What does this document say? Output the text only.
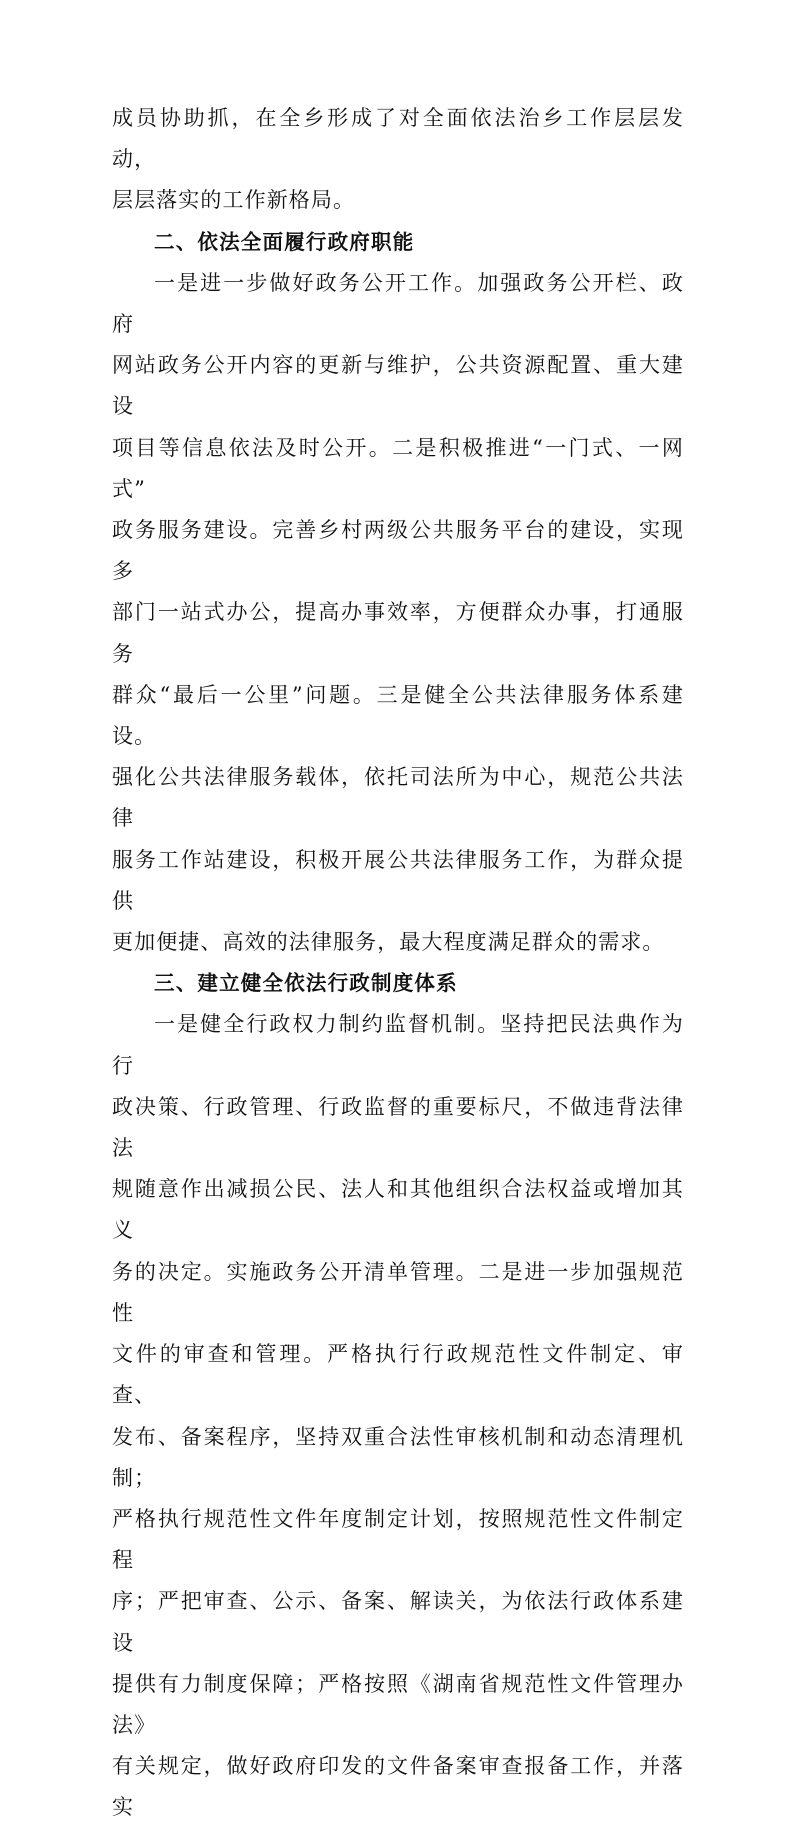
成员协助抓，在全乡形成了对全面依法治乡工作层层发动，
层层落实的工作新格局。

二、依法全面履行政府职能

一是进一步做好政务公开工作。加强政务公开栏、政府
网站政务公开内容的更新与维护，公共资源配置、重大建设
项目等信息依法及时公开。二是积极推进“一门式、一网式”
政务服务建设。完善乡村两级公共服务平台的建设，实现多
部门一站式办公，提高办事效率，方便群众办事，打通服务
群众“最后一公里”问题。三是健全公共法律服务体系建设。
强化公共法律服务载体，依托司法所为中心，规范公共法律
服务工作站建设，积极开展公共法律服务工作，为群众提供
更加便捷、高效的法律服务，最大程度满足群众的需求。

三、建立健全依法行政制度体系

一是健全行政权力制约监督机制。坚持把民法典作为行
政决策、行政管理、行政监督的重要标尺，不做违背法律法
规随意作出减损公民、法人和其他组织合法权益或增加其义
务的决定。实施政务公开清单管理。二是进一步加强规范性
文件的审查和管理。严格执行行政规范性文件制定、审查、
发布、备案程序，坚持双重合法性审核机制和动态清理机制；
严格执行规范性文件年度制定计划，按照规范性文件制定程
序；严把审查、公示、备案、解读关，为依法行政体系建设
提供有力制度保障；严格按照《湖南省规范性文件管理办法》
有关规定，做好政府印发的文件备案审查报备工作，并落实
